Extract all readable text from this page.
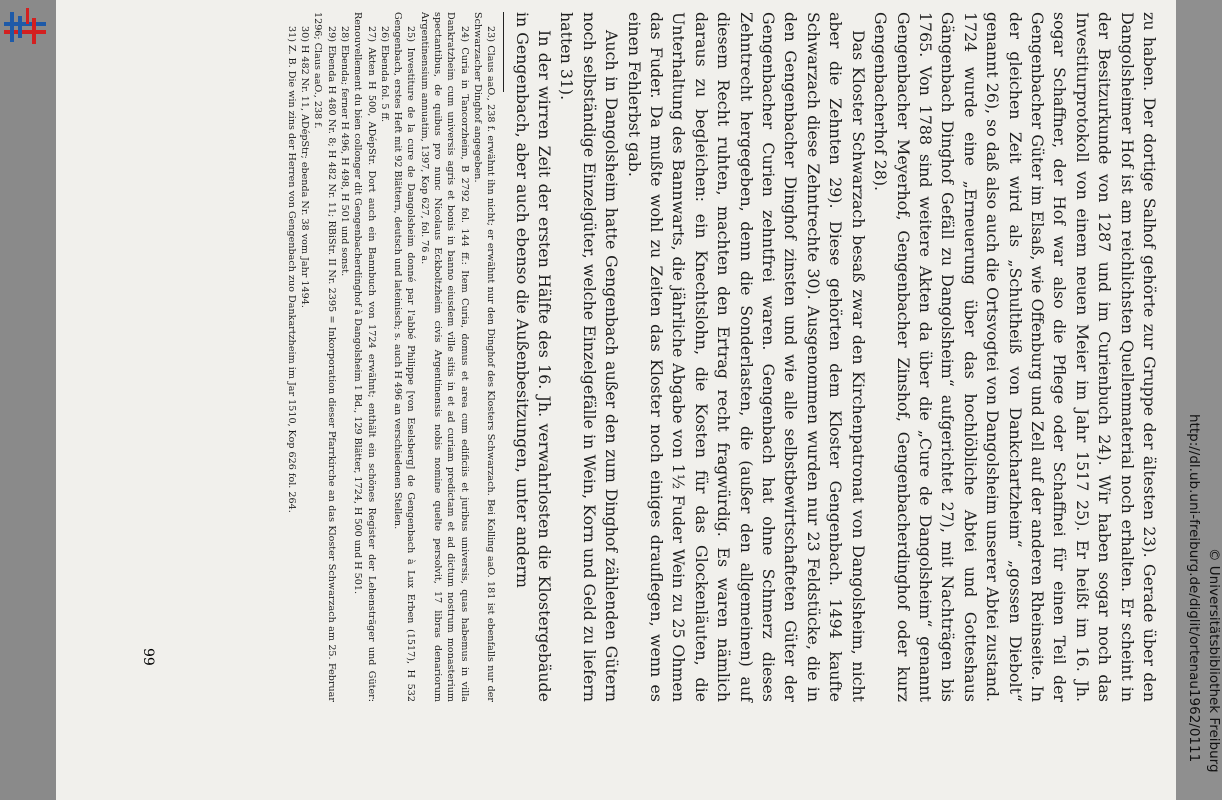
zu haben. Der dortige Salhof gehörte zur Gruppe der ältesten 23). Gerade über den Dangolsheimer Hof ist am reichlichsten Quellenmaterial noch erhalten. Er scheint in der Besitzurkunde von 1287 und im Curienbuch 24). Wir haben sogar noch das Investiturprotokoll von einem neuen Meier im Jahr 1517 25). Er heißt im 16. Jh. sogar Schaffner, der Hof war also die Pflege oder Schaffnei für einen Teil der Gengenbacher Güter im Elsaß, wie Offenburg und Zell auf der anderen Rheinseite. In der gleichen Zeit wird als „Schultheiß von Dankchartzheim“ „gossen Diebolt“ genannt 26), so daß also auch die Ortsvogtei von Dangolsheim unserer Abtei zustand. 1724 wurde eine „Erneuerung über das hochlöbliche Abtei und Gotteshaus Gängenbach Dinghof Gefäll zu Dangolsheim“ aufgerichtet 27), mit Nachträgen bis 1765. Von 1788 sind weitere Akten da über die „Cure de Dangolsheim“ genannt Gengenbacher Meyerhof, Gengenbacher Zinshof, Gengenbacherdinghof oder kurz Gengenbacherhof 28).

Das Kloster Schwarzach besaß zwar den Kirchenpatronat von Dangolsheim, nicht aber die Zehnten 29). Diese gehörten dem Kloster Gengenbach. 1494 kaufte Schwarzach diese Zehntrechte 30). Ausgenommen wurden nur 23 Feldstücke, die in den Gengenbacher Dinghof zinsten und wie alle selbstbewirtschafteten Güter der Gengenbacher Curien zehntfrei waren. Gengenbach hat ohne Schmerz dieses Zehntrecht hergegeben, denn die Sonderlasten, die (außer den allgemeinen) auf diesem Recht ruhten, machten den Ertrag recht fragwürdig. Es waren nämlich daraus zu begleichen: ein Knechtslohn, die Kosten für das Glockenläuten, die Unterhaltung des Bannwarts, die jährliche Abgabe von 1½ Fuder Wein zu 25 Ohmen das Fuder. Da mußte wohl zu Zeiten das Kloster noch einiges drauflegen, wenn es einen Fehlerbst gab.

Auch in Dangolsheim hatte Gengenbach außer den zum Dinghof zählenden Gütern noch selbständige Einzelgüter, welche Einzelgefälle in Wein, Korn und Geld zu liefern hatten 31).

In der wirren Zeit der ersten Hälfte des 16. Jh. verwahrlosten die Klostergebäude in Gengenbach, aber auch ebenso die Außenbesitzungen, unter anderm

23) Claus aaO., 238 f. erwähnt ihn nicht; er erwähnt nur den Dinghof des Klosters Schwarzach. Bei Kolling aaO. 181 ist ebenfalls nur der Schwarzacher Dinghof angegeben.

24) Curia in Tancorzheim, B 2792 fol. 144 ff.: Item Curia, domus et area cum edificiis et juribus universis, quas habemus in villa Dankratzheim cum universis agris et bonis in banno eiusdem ville sitis in et ad curiam predictam et ad dictum nostrum monasterium spectantibus, de quibus pro nunc Nicolaus Eckboltzheim civis Argentinensis nobis nomine quelte persolvit, 17 libras denariorum Argentinensium annuatim, 1397, Kop 627, fol. 76 a.

25) Investiture de la cure de Dangolsheim donné par l'abbé Philippe [von Eselsberg] de Gengenbach à Lux Erben (1517), H 532 Gengenbach, erstes Heft mit 92 Blättern, deutsch und lateinisch; s. auch H 496 an verschiedenen Stellen.

26) Ebenda fol. 5 ff.

27) Akten H 500, ADépStr. Dort auch ein Bannbuch von 1724 erwähnt; enthält ein schönes Register der Lehensträger und Güter: Renouvellement du bien collonger dit Gengenbacherdinghof à Dangolsheim 1 Bd., 129 Blätter, 1724, H 500 und H 501.

28) Ebenda; ferner H 496, H 498, H 501 und sonst.

29) Ebenda H 480 Nr. 8; H 482 Nr. 11; RBiStr. II Nr. 2395 = Inkorporation dieser Pfarrkirche an das Kloster Schwarzach am 25. Februar 1296; Claus aaO., 238 f.

30) H 482 Nr. 11, ADépStr; ebenda Nr. 38 vom Jahr 1494.

31) Z. B. Die win zins der Herren von Gengenbach zuo Dankartzheim im Jar 1510, Kop 626 fol. 264.

99	http://dl.ub.uni-freiburg.de/diglit/ortenau1962/0111 © Universitätsbibliothek Freiburg
